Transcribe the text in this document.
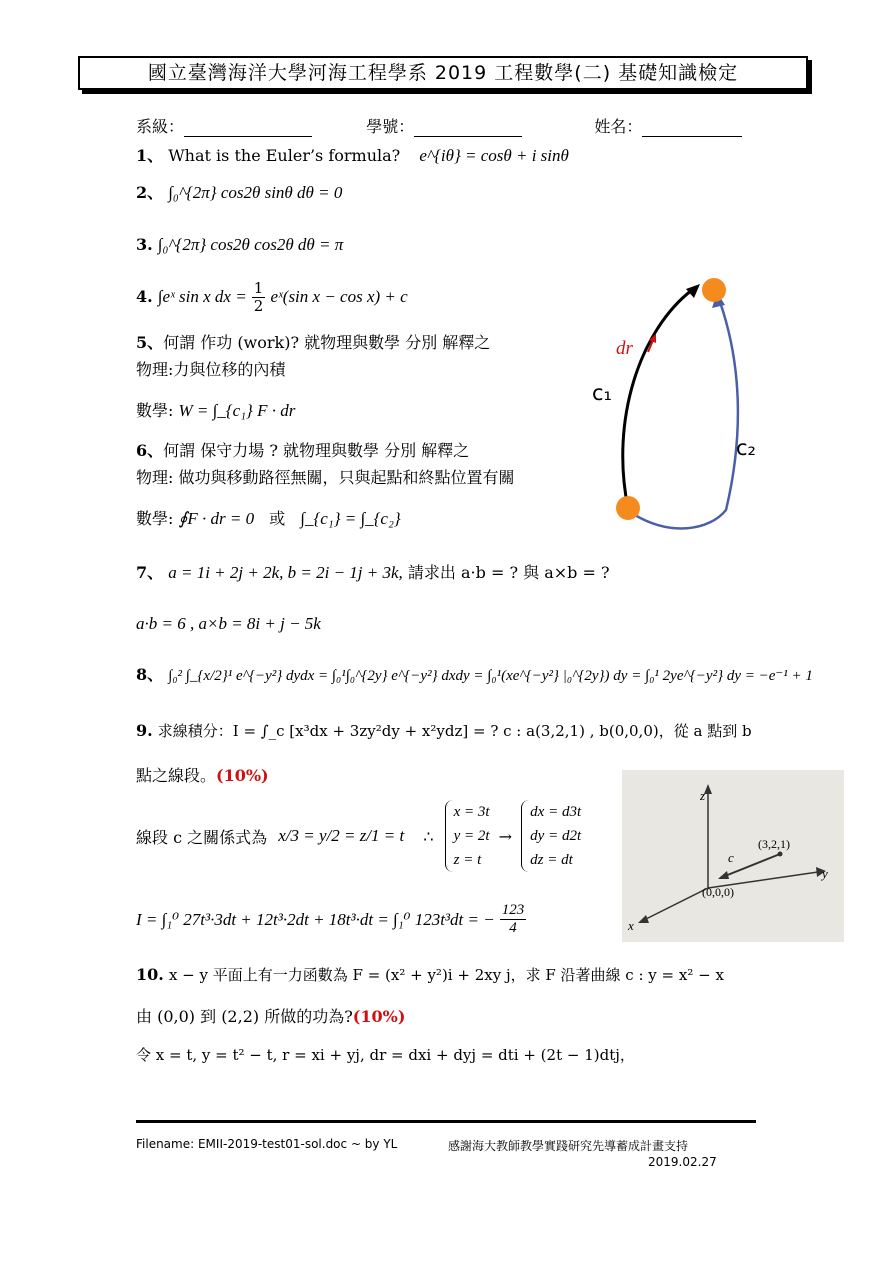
國立臺灣海洋大學河海工程學系 2019 工程數學(二) 基礎知識檢定
系級：	學號：	姓名：
1、 What is the Euler’s formula? e^{iθ} = cosθ + i sinθ
2、 ∫₀^{2π} cos2θ sinθ dθ = 0
3. ∫₀^{2π} cos2θ cos2θ dθ = π
4. ∫eˣ sin x dx = $\frac{1}{2}$ eˣ(sin x − cos x) + c
5、何謂 作功 (work)? 就物理與數學 分別 解釋之
物理:力與位移的內積
數學: W = ∫_{c₁} F · dr
6、何謂 保守力場 ? 就物理與數學 分別 解釋之
物理: 做功與移動路徑無關，只與起點和終點位置有關
數學: ∮F · dr = 0 或 ∫_{c₁} = ∫_{c₂}
dr
c₁
c₂
7、 a = 1i + 2j + 2k, b = 2i − 1j + 3k, 請求出 a·b = ? 與 a×b = ?
a·b = 6 , a×b = 8i + j − 5k
8、 ∫₀² ∫_{x/2}¹ e^{−y²} dydx = ∫₀¹∫₀^{2y} e^{−y²} dxdy = ∫₀¹(xe^{−y²} |₀^{2y}) dy = ∫₀¹ 2ye^{−y²} dy = −e⁻¹ + 1
9. 求線積分：I = ∫_c [x³dx + 3zy²dy + x²ydz] = ? c : a(3,2,1) , b(0,0,0)，從 a 點到 b
點之線段。(10%)
線段 c 之關係式為 x/3 = y/2 = z/1 = t ∴ x = 3t
y = 2t
z = t → dx = d3t
dy = d2t
dz = dt
I = ∫₁⁰ 27t³·3dt + 12t³·2dt + 18t³·dt = ∫₁⁰ 123t³dt = − $\frac{123}{4}$
z
y
x
(0,0,0)
(3,2,1)
c
10. x − y 平面上有一力函數為 F = (x² + y²)i + 2xy j，求 F 沿著曲線 c : y = x² − x
由 (0,0) 到 (2,2) 所做的功為?(10%)
令 x = t, y = t² − t, r = xi + yj, dr = dxi + dyj = dti + (2t − 1)dtj，
Filename: EMII-2019-test01-sol.doc ~ by YL	感謝海大教師教學實踐研究先導蓄成計畫支持
2019.02.27
